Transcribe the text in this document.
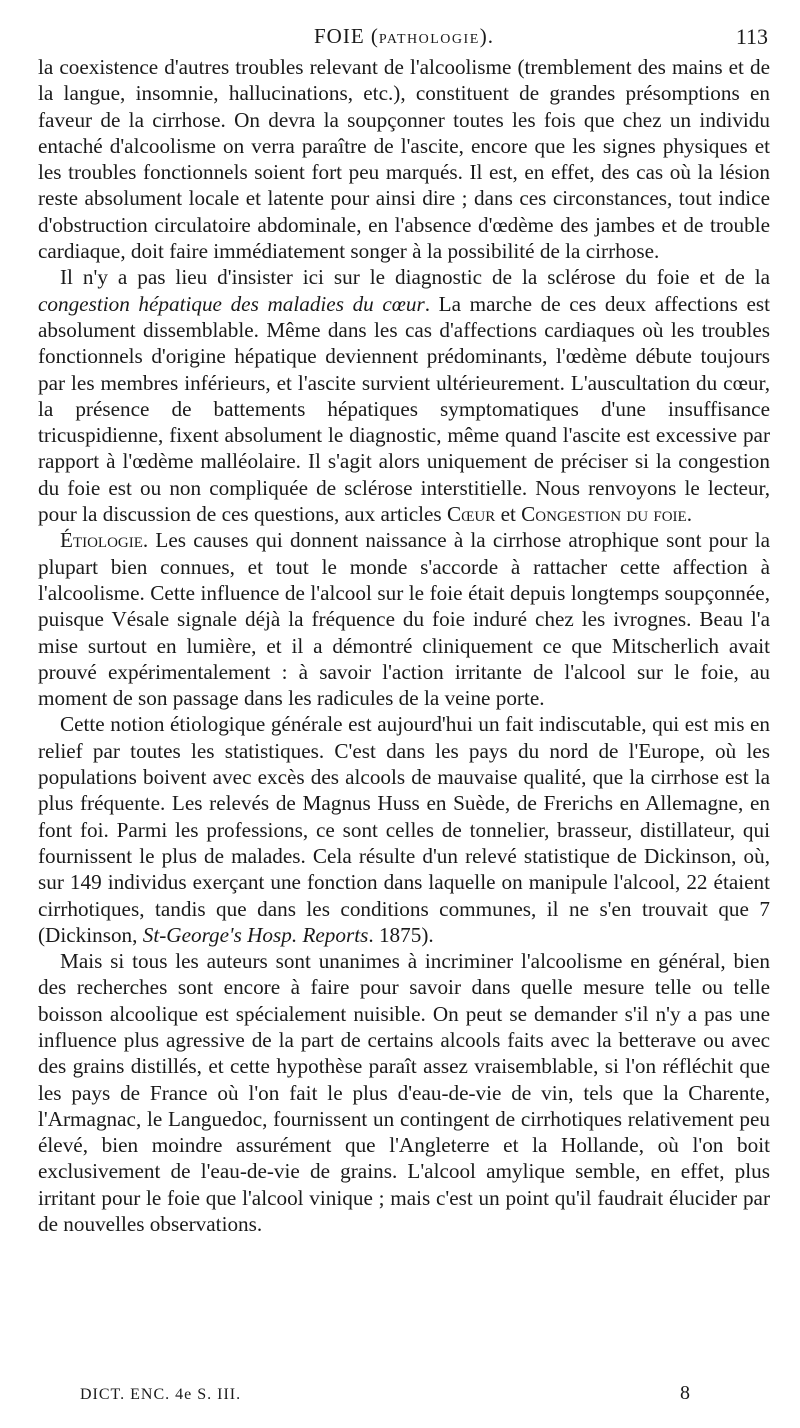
FOIE (PATHOLOGIE).	113

la coexistence d'autres troubles relevant de l'alcoolisme (tremblement des mains et de la langue, insomnie, hallucinations, etc.), constituent de grandes présomptions en faveur de la cirrhose. On devra la soupçonner toutes les fois que chez un individu entaché d'alcoolisme on verra paraître de l'ascite, encore que les signes physiques et les troubles fonctionnels soient fort peu marqués. Il est, en effet, des cas où la lésion reste absolument locale et latente pour ainsi dire ; dans ces circonstances, tout indice d'obstruction circulatoire abdominale, en l'absence d'œdème des jambes et de trouble cardiaque, doit faire immédiatement songer à la possibilité de la cirrhose.

Il n'y a pas lieu d'insister ici sur le diagnostic de la sclérose du foie et de la congestion hépatique des maladies du cœur. La marche de ces deux affections est absolument dissemblable. Même dans les cas d'affections cardiaques où les troubles fonctionnels d'origine hépatique deviennent prédominants, l'œdème débute toujours par les membres inférieurs, et l'ascite survient ultérieurement. L'auscultation du cœur, la présence de battements hépatiques symptomatiques d'une insuffisance tricuspidienne, fixent absolument le diagnostic, même quand l'ascite est excessive par rapport à l'œdème malléolaire. Il s'agit alors uniquement de préciser si la congestion du foie est ou non compliquée de sclérose interstitielle. Nous renvoyons le lecteur, pour la discussion de ces questions, aux articles Cœur et Congestion du foie.

Étiologie. Les causes qui donnent naissance à la cirrhose atrophique sont pour la plupart bien connues, et tout le monde s'accorde à rattacher cette affection à l'alcoolisme. Cette influence de l'alcool sur le foie était depuis longtemps soupçonnée, puisque Vésale signale déjà la fréquence du foie induré chez les ivrognes. Beau l'a mise surtout en lumière, et il a démontré cliniquement ce que Mitscherlich avait prouvé expérimentalement : à savoir l'action irritante de l'alcool sur le foie, au moment de son passage dans les radicules de la veine porte.

Cette notion étiologique générale est aujourd'hui un fait indiscutable, qui est mis en relief par toutes les statistiques. C'est dans les pays du nord de l'Europe, où les populations boivent avec excès des alcools de mauvaise qualité, que la cirrhose est la plus fréquente. Les relevés de Magnus Huss en Suède, de Frerichs en Allemagne, en font foi. Parmi les professions, ce sont celles de tonnelier, brasseur, distillateur, qui fournissent le plus de malades. Cela résulte d'un relevé statistique de Dickinson, où, sur 149 individus exerçant une fonction dans laquelle on manipule l'alcool, 22 étaient cirrhotiques, tandis que dans les conditions communes, il ne s'en trouvait que 7 (Dickinson, St-George's Hosp. Reports. 1875).

Mais si tous les auteurs sont unanimes à incriminer l'alcoolisme en général, bien des recherches sont encore à faire pour savoir dans quelle mesure telle ou telle boisson alcoolique est spécialement nuisible. On peut se demander s'il n'y a pas une influence plus agressive de la part de certains alcools faits avec la betterave ou avec des grains distillés, et cette hypothèse paraît assez vraisemblable, si l'on réfléchit que les pays de France où l'on fait le plus d'eau-de-vie de vin, tels que la Charente, l'Armagnac, le Languedoc, fournissent un contingent de cirrhotiques relativement peu élevé, bien moindre assurément que l'Angleterre et la Hollande, où l'on boit exclusivement de l'eau-de-vie de grains. L'alcool amylique semble, en effet, plus irritant pour le foie que l'alcool vinique ; mais c'est un point qu'il faudrait élucider par de nouvelles observations.

DICT. ENC. 4e S. III.	8
